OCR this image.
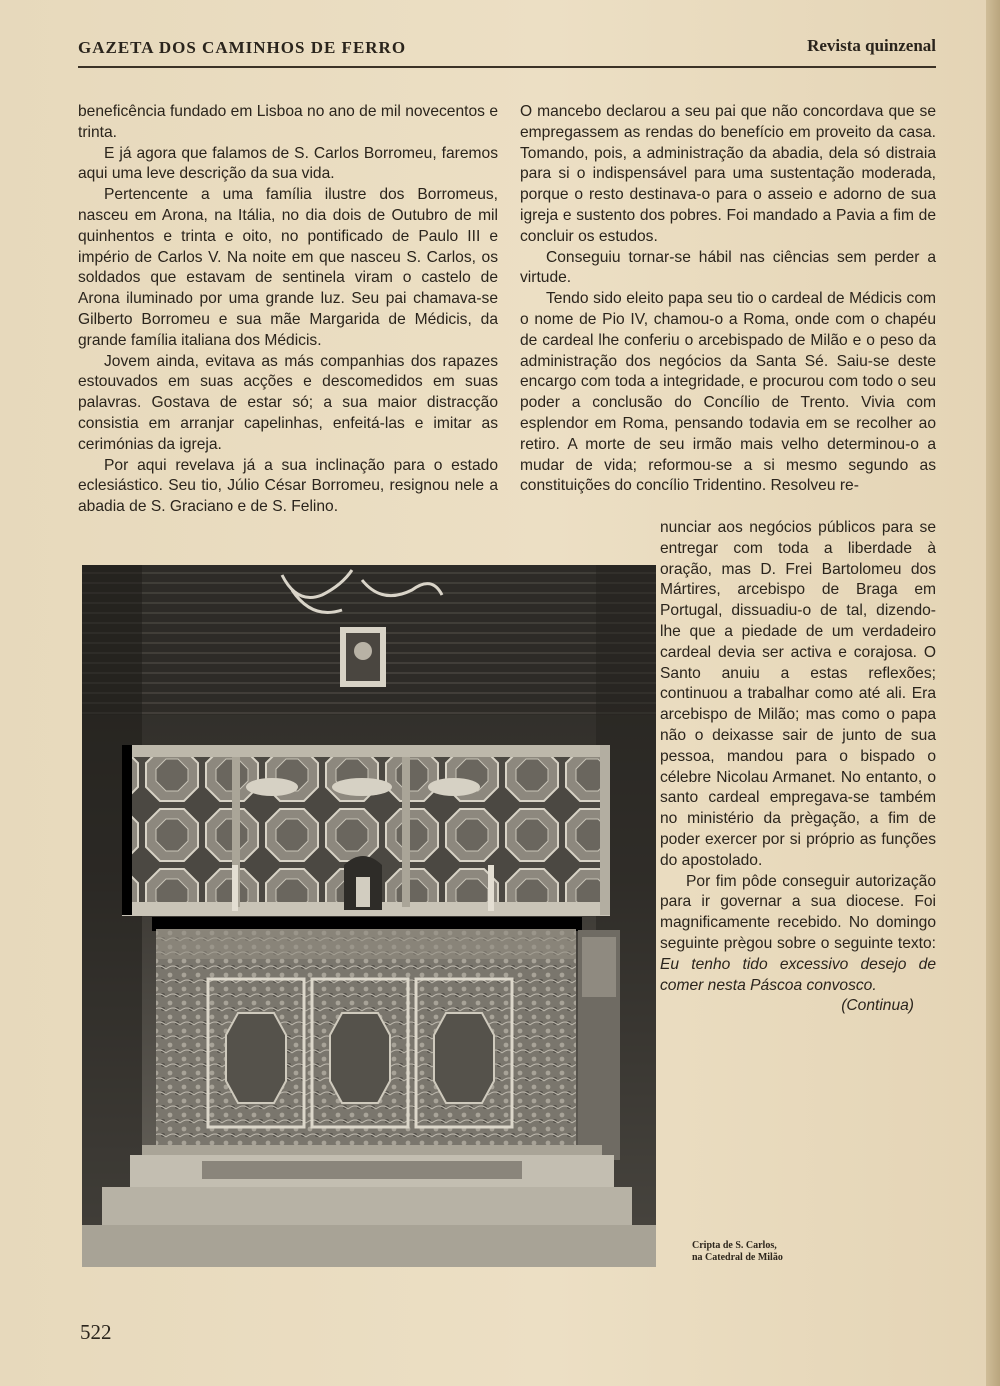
GAZETA DOS CAMINHOS DE FERRO	Revista quinzenal

beneficência fundado em Lisboa no ano de mil novecentos e trinta.

E já agora que falamos de S. Carlos Borromeu, faremos aqui uma leve descrição da sua vida.

Pertencente a uma família ilustre dos Borromeus, nasceu em Arona, na Itália, no dia dois de Outubro de mil quinhentos e trinta e oito, no pontificado de Paulo III e império de Carlos V. Na noite em que nasceu S. Carlos, os soldados que estavam de sentinela viram o castelo de Arona iluminado por uma grande luz. Seu pai chamava-se Gilberto Borromeu e sua mãe Margarida de Médicis, da grande família italiana dos Médicis.

Jovem ainda, evitava as más companhias dos rapazes estouvados em suas acções e descomedidos em suas palavras. Gostava de estar só; a sua maior distracção consistia em arranjar capelinhas, enfeitá-las e imitar as cerimónias da igreja.

Por aqui revelava já a sua inclinação para o estado eclesiástico. Seu tio, Júlio César Borromeu, resignou nele a abadia de S. Graciano e de S. Felino.

O mancebo declarou a seu pai que não concordava que se empregassem as rendas do benefício em proveito da casa. Tomando, pois, a administração da abadia, dela só distraia para si o indispensável para uma sustentação moderada, porque o resto destinava-o para o asseio e adorno de sua igreja e sustento dos pobres. Foi mandado a Pavia a fim de concluir os estudos.

Conseguiu tornar-se hábil nas ciências sem perder a virtude.

Tendo sido eleito papa seu tio o cardeal de Médicis com o nome de Pio IV, chamou-o a Roma, onde com o chapéu de cardeal lhe conferiu o arcebispado de Milão e o peso da administração dos negócios da Santa Sé. Saiu-se deste encargo com toda a integridade, e procurou com todo o seu poder a conclusão do Concílio de Trento. Vivia com esplendor em Roma, pensando todavia em se recolher ao retiro. A morte de seu irmão mais velho determinou-o a mudar de vida; reformou-se a si mesmo segundo as constituições do concílio Tridentino. Resolveu re-

nunciar aos negócios públicos para se entregar com toda a liberdade à oração, mas D. Frei Bartolomeu dos Mártires, arcebispo de Braga em Portugal, dissuadiu-o de tal, dizendo-lhe que a piedade de um verdadeiro cardeal devia ser activa e corajosa. O Santo anuiu a estas reflexões; continuou a trabalhar como até ali. Era arcebispo de Milão; mas como o papa não o deixasse sair de junto de sua pessoa, mandou para o bispado o célebre Nicolau Armanet. No entanto, o santo cardeal empregava-se também no ministério da prègação, a fim de poder exercer por si próprio as funções do apostolado.

Por fim pôde conseguir autorização para ir governar a sua diocese. Foi magnificamente recebido. No domingo seguinte prègou sobre o seguinte texto: Eu tenho tido excessivo desejo de comer nesta Páscoa convosco.

(Continua)

Cripta de S. Carlos,
na Catedral de Milão
522
